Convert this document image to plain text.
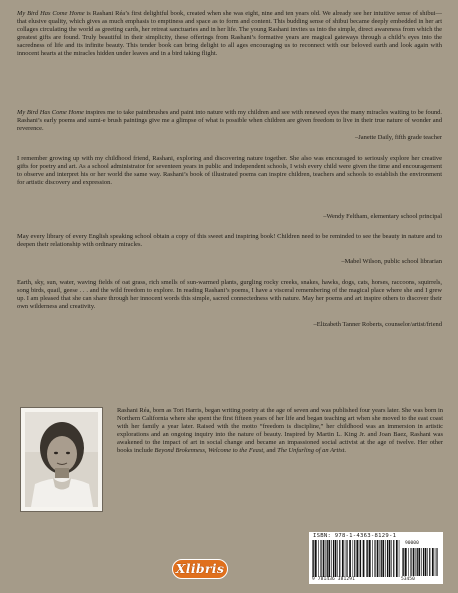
My Bird Has Come Home is Rashani Réa’s first delightful book, created when she was eight, nine and ten years old. We already see her intuitive sense of shibui—that elusive quality, which gives as much emphasis to emptiness and space as to form and content. This budding sense of shibui became deeply embedded in her art collages circulating the world as greeting cards, her retreat sanctuaries and in her life. The young Rashani invites us into the simple, direct awareness from which the greatest gifts are found. Truly beautiful in their simplicity, these offerings from Rashani’s formative years are magical gateways through a child’s eyes into the sacredness of life and its infinite beauty. This tender book can bring delight to all ages encouraging us to reconnect with our beloved earth and look again with innocent hearts at the miracles hidden under leaves and in a bird taking flight.

My Bird Has Come Home inspires me to take paintbrushes and paint into nature with my children and see with renewed eyes the many miracles waiting to be found. Rashani’s early poems and sumi-e brush paintings give me a glimpse of what is possible when children are given freedom to live in their true nature of wonder and reverence.

–Janette Daily, fifth grade teacher

I remember growing up with my childhood friend, Rashani, exploring and discovering nature together. She also was encouraged to seriously explore her creative gifts for poetry and art. As a school administrator for seventeen years in public and independent schools, I wish every child were given the time and encouragement to observe and interpret his or her world the same way. Rashani’s book of illustrated poems can inspire children, teachers and schools to establish the environment for artistic discovery and expression.

–Wendy Feltham, elementary school principal

May every library of every English speaking school obtain a copy of this sweet and inspiring book! Children need to be reminded to see the beauty in nature and to deepen their relationship with ordinary miracles.

–Mabel Wilson, public school librarian

Earth, sky, sun, water, waving fields of oat grass, rich smells of sun-warmed plants, gurgling rocky creeks, snakes, hawks, dogs, cats, horses, raccoons, squirrels, song birds, quail, geese . . . and the wild freedom to explore. In reading Rashani’s poems, I have a visceral remembering of the magical place where she and I grew up. I am pleased that she can share through her innocent words this simple, sacred connectedness with nature. May her poems and art inspire others to discover their own wilderness and creativity.

–Elizabeth Tanner Roberts, counselor/artist/friend

Rashani Réa, born as Tori Harris, began writing poetry at the age of seven and was published four years later. She was born in Northern California where she spent the first fifteen years of her life and began teaching art when she moved to the east coast with her family a year later. Raised with the motto “freedom is discipline,” her childhood was an immersion in artistic explorations and an ongoing inquiry into the nature of beauty. Inspired by Martin L. King Jr. and Joan Baez, Rashani was awakened to the impact of art in social change and became an impassioned social activist at the age of twelve. Her other books include Beyond Brokenness, Welcome to the Feast, and The Unfurling of an Artist.

Xlibris
ISBN: 978-1-4363-8129-1
9 781436 381291
90000
53450
